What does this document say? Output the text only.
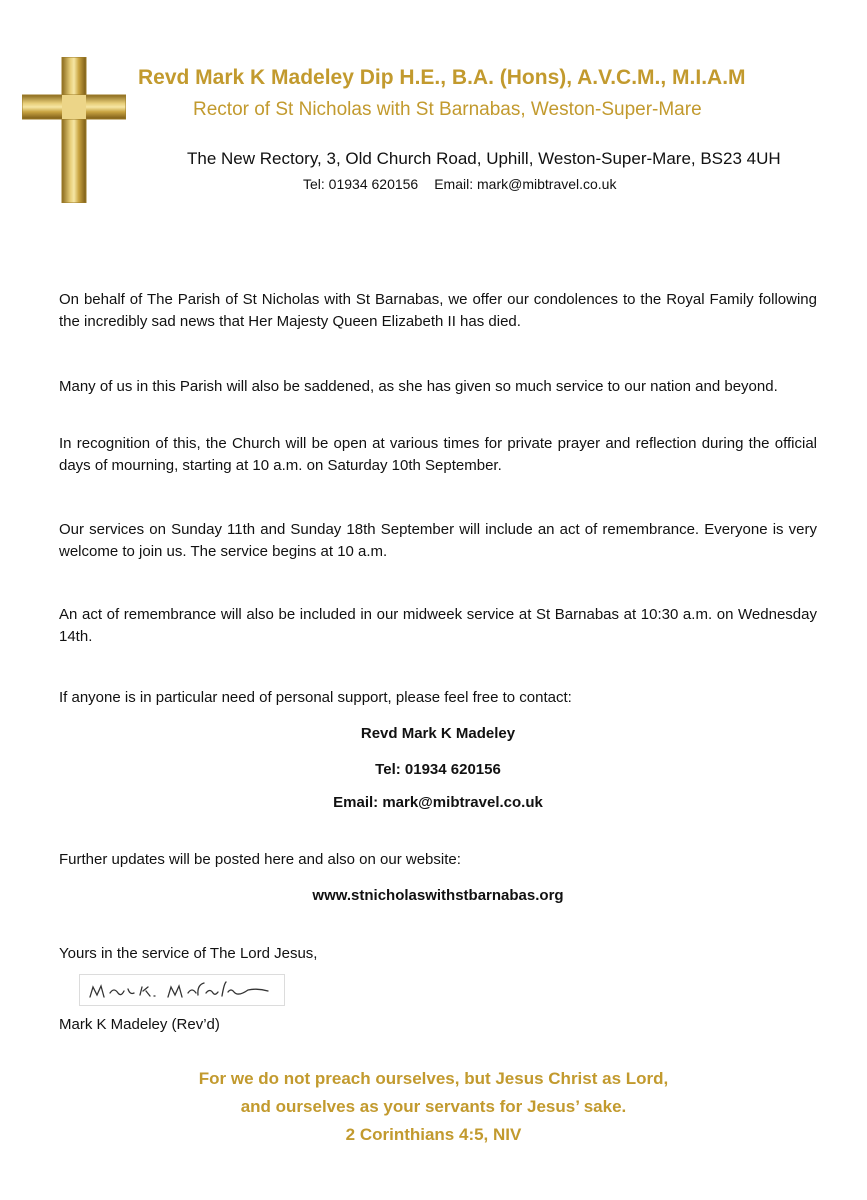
Revd Mark K Madeley Dip H.E., B.A. (Hons), A.V.C.M., M.I.A.M
Rector of St Nicholas with St Barnabas, Weston-Super-Mare
The New Rectory, 3, Old Church Road, Uphill, Weston-Super-Mare, BS23 4UH
Tel: 01934 620156 Email: mark@mibtravel.co.uk

On behalf of The Parish of St Nicholas with St Barnabas, we offer our condolences to the Royal Family following the incredibly sad news that Her Majesty Queen Elizabeth II has died.

Many of us in this Parish will also be saddened, as she has given so much service to our nation and beyond.

In recognition of this, the Church will be open at various times for private prayer and reflection during the official days of mourning, starting at 10 a.m. on Saturday 10th September.

Our services on Sunday 11th and Sunday 18th September will include an act of remembrance. Everyone is very welcome to join us. The service begins at 10 a.m.

An act of remembrance will also be included in our midweek service at St Barnabas at 10:30 a.m. on Wednesday 14th.

If anyone is in particular need of personal support, please feel free to contact:

Revd Mark K Madeley
Tel: 01934 620156
Email: mark@mibtravel.co.uk

Further updates will be posted here and also on our website:

www.stnicholaswithstbarnabas.org

Yours in the service of The Lord Jesus,

Mark K Madeley (Rev’d)

For we do not preach ourselves, but Jesus Christ as Lord,
and ourselves as your servants for Jesus’ sake.
2 Corinthians 4:5, NIV
